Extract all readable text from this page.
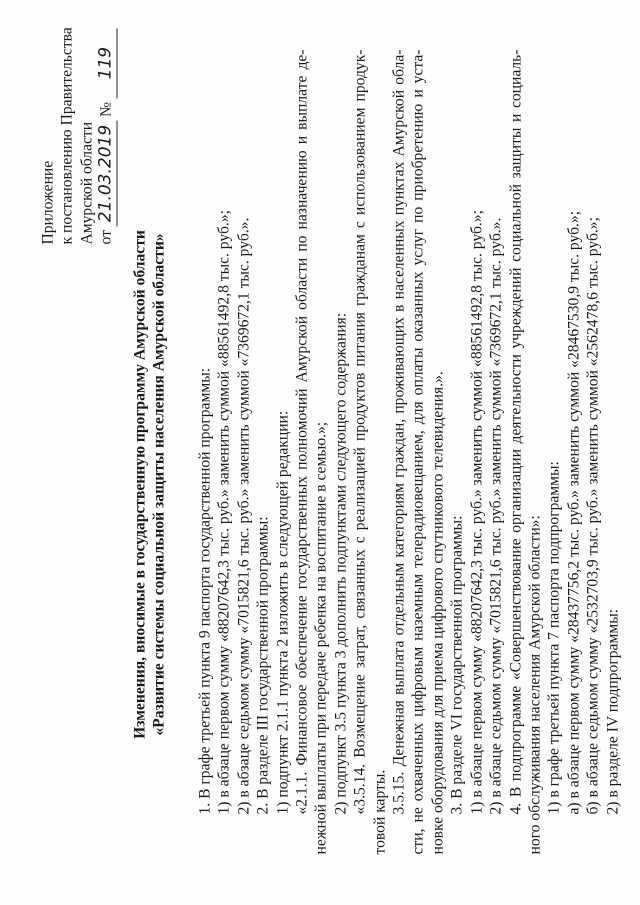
Приложение к постановлению Правительства Амурской области от 21.03.2019 № 119
Изменения, вносимые в государственную программу Амурской области «Развитие системы социальной защиты населения Амурской области» 1. В графе третьей пункта 9 паспорта государственной программы: 1) в абзаце первом сумму «88207642,3 тыс. руб.» заменить суммой «88561492,8 тыс. руб.»; 2) в абзаце седьмом сумму «7015821,6 тыс. руб.» заменить суммой «7369672,1 тыс. руб.». 2. В разделе III государственной программы: 1) подпункт 2.1.1 пункта 2 изложить в следующей редакции: «2.1.1. Финансовое обеспечение государственных полномочий Амурской области по назначению и выплате де-нежной выплаты при передаче ребенка на воспитание в семью.»; 2) подпункт 3.5 пункта 3 дополнить подпунктами следующего содержания: «3.5.14. Возмещение затрат, связанных с реализацией продуктов питания гражданам с использованием продук-товой карты. 3.5.15. Денежная выплата отдельным категориям граждан, проживающих в населенных пунктах Амурской обла-сти, не охваченных цифровым наземным телерадиовещанием, для оплаты оказанных услуг по приобретению и уста-новке оборудования для приема цифрового спутникового телевидения.». 3. В разделе VI государственной программы: 1) в абзаце первом сумму «88207642,3 тыс. руб.» заменить суммой «88561492,8 тыс. руб.»; 2) в абзаце седьмом сумму «7015821,6 тыс. руб.» заменить суммой «7369672,1 тыс. руб.». 4. В подпрограмме «Совершенствование организации деятельности учреждений социальной защиты и социаль-ного обслуживания населения Амурской области»: 1) в графе третьей пункта 7 паспорта подпрограммы: а) в абзаце первом сумму «28437756,2 тыс. руб.» заменить суммой «28467530,9 тыс. руб.»; б) в абзаце седьмом сумму «2532703,9 тыс. руб.» заменить суммой «2562478,6 тыс. руб.»; 2) в разделе IV подпрограммы:
